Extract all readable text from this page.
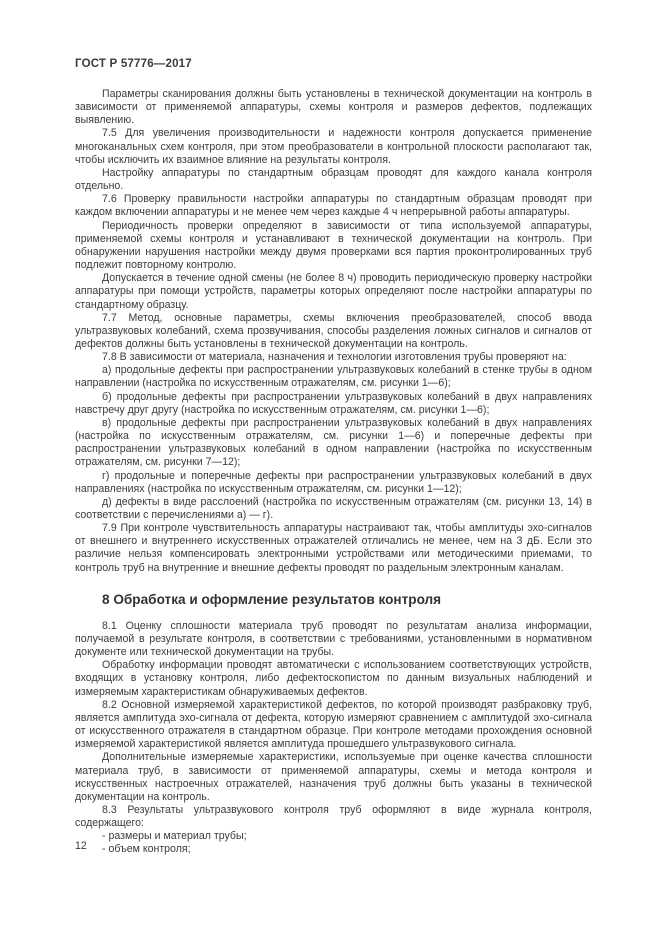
ГОСТ Р 57776—2017

Параметры сканирования должны быть установлены в технической документации на контроль в зависимости от применяемой аппаратуры, схемы контроля и размеров дефектов, подлежащих выявлению.

7.5 Для увеличения производительности и надежности контроля допускается применение многоканальных схем контроля, при этом преобразователи в контрольной плоскости располагают так, чтобы исключить их взаимное влияние на результаты контроля.

Настройку аппаратуры по стандартным образцам проводят для каждого канала контроля отдельно.

7.6 Проверку правильности настройки аппаратуры по стандартным образцам проводят при каждом включении аппаратуры и не менее чем через каждые 4 ч непрерывной работы аппаратуры.

Периодичность проверки определяют в зависимости от типа используемой аппаратуры, применяемой схемы контроля и устанавливают в технической документации на контроль. При обнаружении нарушения настройки между двумя проверками вся партия проконтролированных труб подлежит повторному контролю.

Допускается в течение одной смены (не более 8 ч) проводить периодическую проверку настройки аппаратуры при помощи устройств, параметры которых определяют после настройки аппаратуры по стандартному образцу.

7.7 Метод, основные параметры, схемы включения преобразователей, способ ввода ультразвуковых колебаний, схема прозвучивания, способы разделения ложных сигналов и сигналов от дефектов должны быть установлены в технической документации на контроль.

7.8 В зависимости от материала, назначения и технологии изготовления трубы проверяют на:

а) продольные дефекты при распространении ультразвуковых колебаний в стенке трубы в одном направлении (настройка по искусственным отражателям, см. рисунки 1—6);

б) продольные дефекты при распространении ультразвуковых колебаний в двух направлениях навстречу друг другу (настройка по искусственным отражателям, см. рисунки 1—6);

в) продольные дефекты при распространении ультразвуковых колебаний в двух направлениях (настройка по искусственным отражателям, см. рисунки 1—6) и поперечные дефекты при распространении ультразвуковых колебаний в одном направлении (настройка по искусственным отражателям, см. рисунки 7—12);

г) продольные и поперечные дефекты при распространении ультразвуковых колебаний в двух направлениях (настройка по искусственным отражателям, см. рисунки 1—12);

д) дефекты в виде расслоений (настройка по искусственным отражателям (см. рисунки 13, 14) в соответствии с перечислениями а) — г).

7.9 При контроле чувствительность аппаратуры настраивают так, чтобы амплитуды эхо-сигналов от внешнего и внутреннего искусственных отражателей отличались не менее, чем на 3 дБ. Если это различие нельзя компенсировать электронными устройствами или методическими приемами, то контроль труб на внутренние и внешние дефекты проводят по раздельным электронным каналам.

8 Обработка и оформление результатов контроля

8.1 Оценку сплошности материала труб проводят по результатам анализа информации, получаемой в результате контроля, в соответствии с требованиями, установленными в нормативном документе или технической документации на трубы.

Обработку информации проводят автоматически с использованием соответствующих устройств, входящих в установку контроля, либо дефектоскопистом по данным визуальных наблюдений и измеряемым характеристикам обнаруживаемых дефектов.

8.2 Основной измеряемой характеристикой дефектов, по которой производят разбраковку труб, является амплитуда эхо-сигнала от дефекта, которую измеряют сравнением с амплитудой эхо-сигнала от искусственного отражателя в стандартном образце. При контроле методами прохождения основной измеряемой характеристикой является амплитуда прошедшего ультразвукового сигнала.

Дополнительные измеряемые характеристики, используемые при оценке качества сплошности материала труб, в зависимости от применяемой аппаратуры, схемы и метода контроля и искусственных настроечных отражателей, назначения труб должны быть указаны в технической документации на контроль.

8.3 Результаты ультразвукового контроля труб оформляют в виде журнала контроля, содержащего:

- размеры и материал трубы;

- объем контроля;

12
